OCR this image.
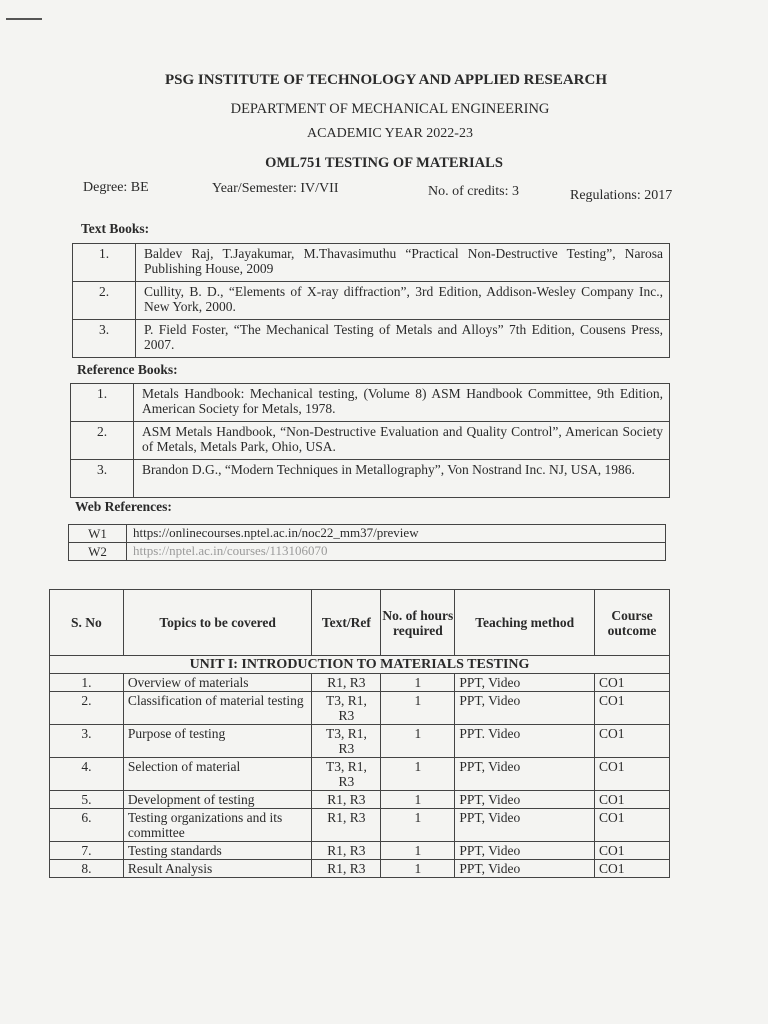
PSG INSTITUTE OF TECHNOLOGY AND APPLIED RESEARCH
DEPARTMENT OF MECHANICAL ENGINEERING
ACADEMIC YEAR 2022-23
OML751 TESTING OF MATERIALS
Degree: BE	Year/Semester: IV/VII	No. of credits: 3	Regulations: 2017
Text Books:
1.	Baldev Raj, T.Jayakumar, M.Thavasimuthu “Practical Non-Destructive Testing”, Narosa Publishing House, 2009
2.	Cullity, B. D., “Elements of X-ray diffraction”, 3rd Edition, Addison-Wesley Company Inc., New York, 2000.
3.	P. Field Foster, “The Mechanical Testing of Metals and Alloys” 7th Edition, Cousens Press, 2007.
Reference Books:
1.	Metals Handbook: Mechanical testing, (Volume 8) ASM Handbook Committee, 9th Edition, American Society for Metals, 1978.
2.	ASM Metals Handbook, “Non-Destructive Evaluation and Quality Control”, American Society of Metals, Metals Park, Ohio, USA.
3.	Brandon D.G., “Modern Techniques in Metallography”, Von Nostrand Inc. NJ, USA, 1986.
Web References:
W1	https://onlinecourses.nptel.ac.in/noc22_mm37/preview
W2	https://nptel.ac.in/courses/113106070
S. No	Topics to be covered	Text/Ref	No. of hours required	Teaching method	Course outcome
UNIT I: INTRODUCTION TO MATERIALS TESTING					
1.	Overview of materials	R1, R3	1	PPT, Video	CO1
2.	Classification of material testing	T3, R1, R3	1	PPT, Video	CO1
3.	Purpose of testing	T3, R1, R3	1	PPT. Video	CO1
4.	Selection of material	T3, R1, R3	1	PPT, Video	CO1
5.	Development of testing	R1, R3	1	PPT, Video	CO1
6.	Testing organizations and its committee	R1, R3	1	PPT, Video	CO1
7.	Testing standards	R1, R3	1	PPT, Video	CO1
8.	Result Analysis	R1, R3	1	PPT, Video	CO1
